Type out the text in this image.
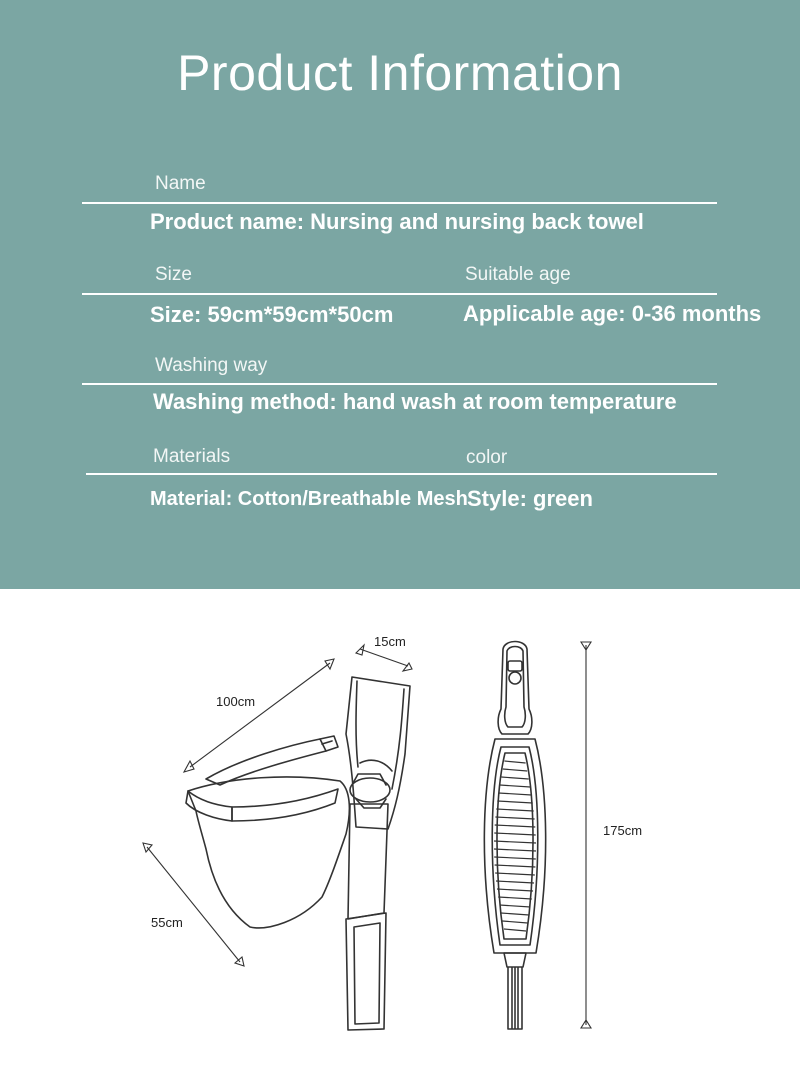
Product Information
Name
Product name: Nursing and nursing back towel
Size	Suitable age
Size: 59cm*59cm*50cm	Applicable age: 0-36 months
Washing way
Washing method: hand wash at room temperature
Materials	color
Material: Cotton/Breathable Mesh Style: green
15cm
100cm
55cm
175cm
